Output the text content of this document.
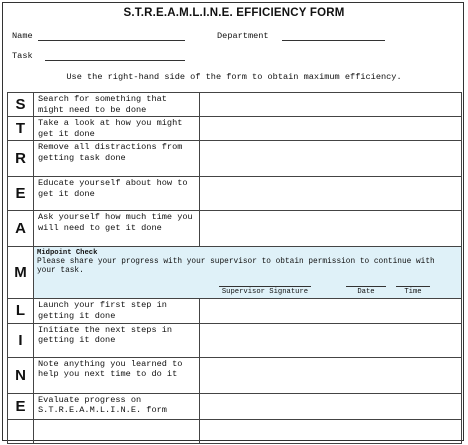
S.T.R.E.A.M.L.I.N.E. EFFICIENCY FORM
Name	Department
Task
Use the right-hand side of the form to obtain maximum efficiency.
S	Search for something that might need to be done	
T	Take a look at how you might get it done	
R	Remove all distractions from getting task done	
E	Educate yourself about how to get it done	
A	Ask yourself how much time you will need to get it done	
M	Midpoint Check
Please share your progress with your supervisor to obtain permission to continue with your task.
Supervisor Signature Date Time	

L	Launch your first step in getting it done	
I	Initiate the next steps in getting it done	
N	Note anything you learned to help you next time to do it	
E	Evaluate progress on S.T.R.E.A.M.L.I.N.E. form	
